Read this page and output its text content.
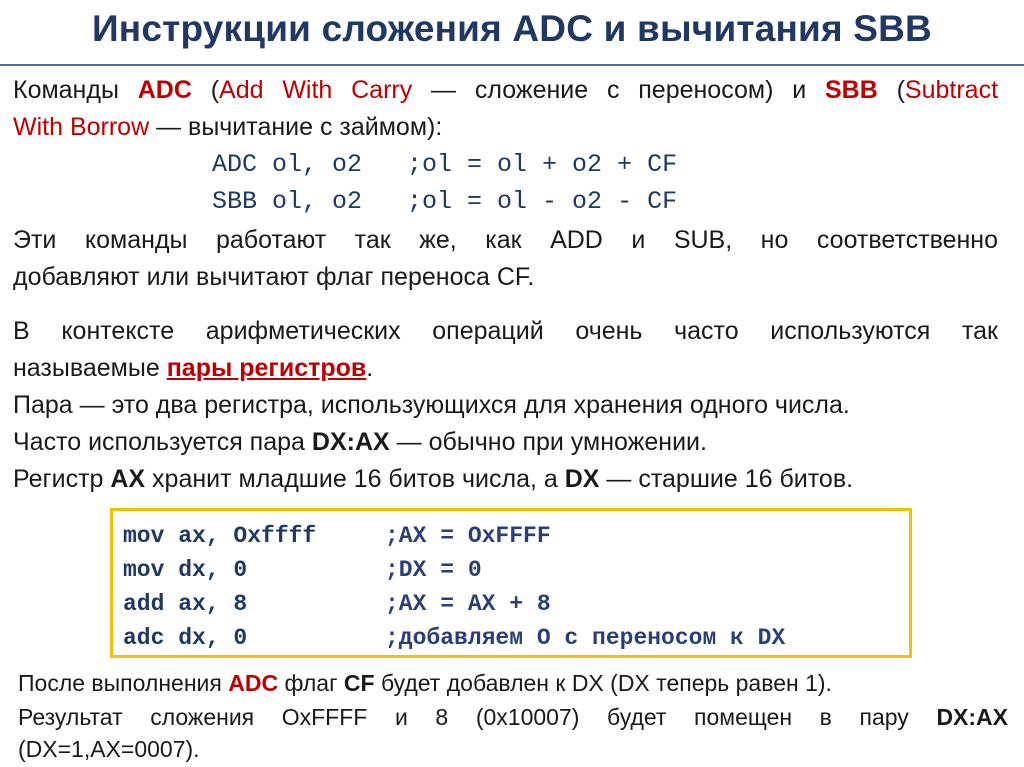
Инструкции сложения ADC и вычитания SBB
Команды ADC (Add With Carry — сложение с переносом) и SBB (Subtract
With Borrow — вычитание с займом):
ADC ol, o2   ;ol = ol + o2 + CF
SBB ol, o2   ;ol = ol - o2 - CF
Эти команды работают так же, как ADD и SUB, но соответственно
добавляют или вычитают флаг переноса CF.
В контексте арифметических операций очень часто используются так
называемые пары регистров.
Пара — это два регистра, использующихся для хранения одного числа.
Часто используется пара DX:AX — обычно при умножении.
Регистр AX хранит младшие 16 битов числа, а DX — старшие 16 битов.
mov ax, Oxffff	;AX = OxFFFF
mov dx, 0	;DX = 0
add ax, 8	;AX = AX + 8
adc dx, 0	;добавляем O с переносом к DX
После выполнения ADC флаг CF будет добавлен к DX (DX теперь равен 1).
Результат сложения OxFFFF и 8 (0x10007) будет помещен в пару DX:AX
(DX=1,AX=0007).
